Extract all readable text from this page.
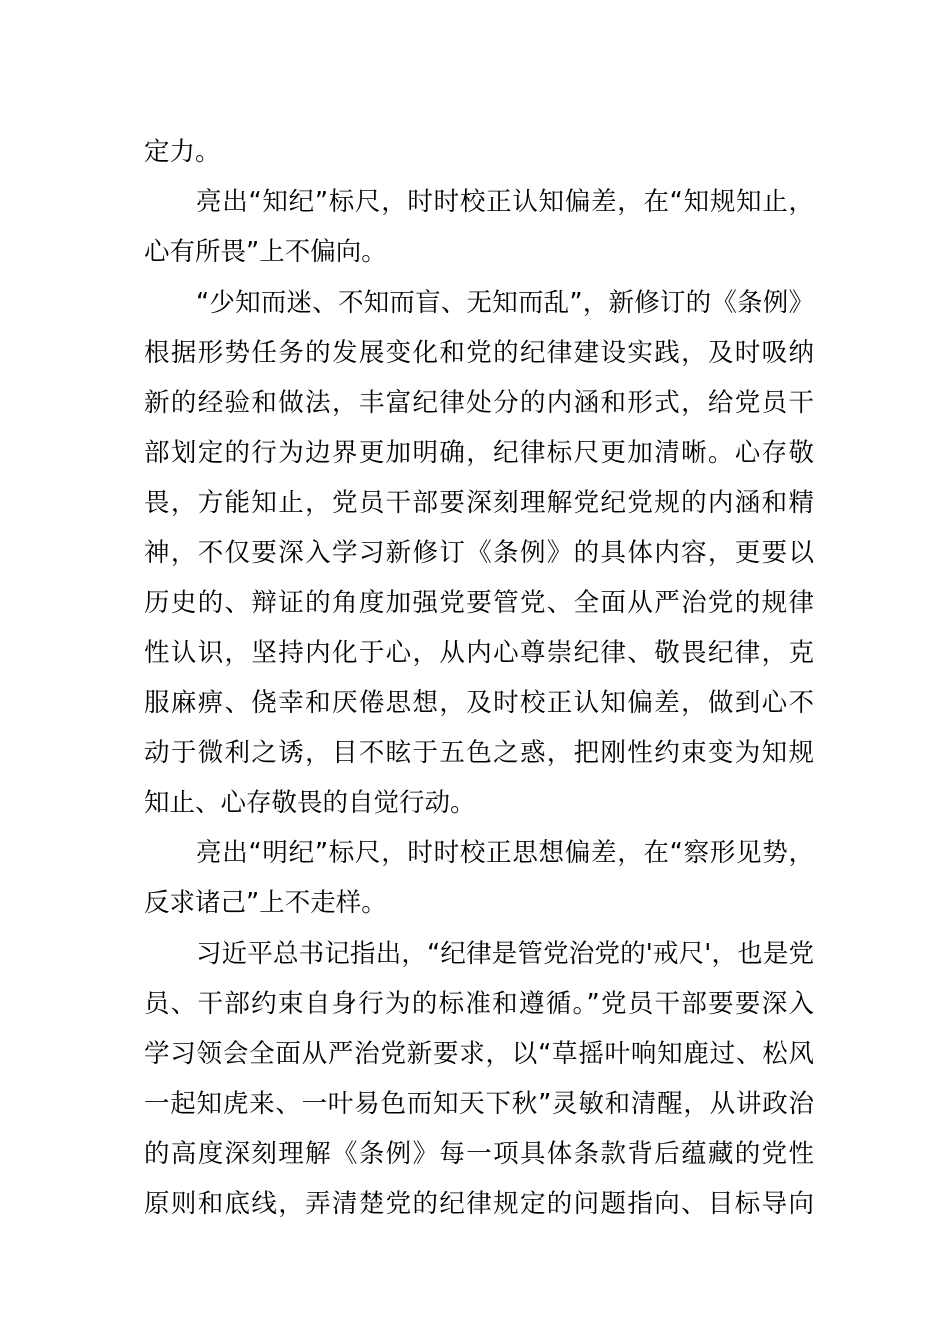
定力。
亮出“知纪”标尺，时时校正认知偏差，在“知规知止，
心有所畏”上不偏向。
“少知而迷、不知而盲、无知而乱”，新修订的《条例》
根据形势任务的发展变化和党的纪律建设实践，及时吸纳
新的经验和做法，丰富纪律处分的内涵和形式，给党员干
部划定的行为边界更加明确，纪律标尺更加清晰。心存敬
畏，方能知止，党员干部要深刻理解党纪党规的内涵和精
神，不仅要深入学习新修订《条例》的具体内容，更要以
历史的、辩证的角度加强党要管党、全面从严治党的规律
性认识，坚持内化于心，从内心尊崇纪律、敬畏纪律，克
服麻痹、侥幸和厌倦思想，及时校正认知偏差，做到心不
动于微利之诱，目不眩于五色之惑，把刚性约束变为知规
知止、心存敬畏的自觉行动。
亮出“明纪”标尺，时时校正思想偏差，在“察形见势，
反求诸己”上不走样。
习近平总书记指出，“纪律是管党治党的'戒尺'，也是党
员、干部约束自身行为的标准和遵循。”党员干部要要深入
学习领会全面从严治党新要求，以“草摇叶响知鹿过、松风
一起知虎来、一叶易色而知天下秋”灵敏和清醒，从讲政治
的高度深刻理解《条例》每一项具体条款背后蕴藏的党性
原则和底线，弄清楚党的纪律规定的问题指向、目标导向
